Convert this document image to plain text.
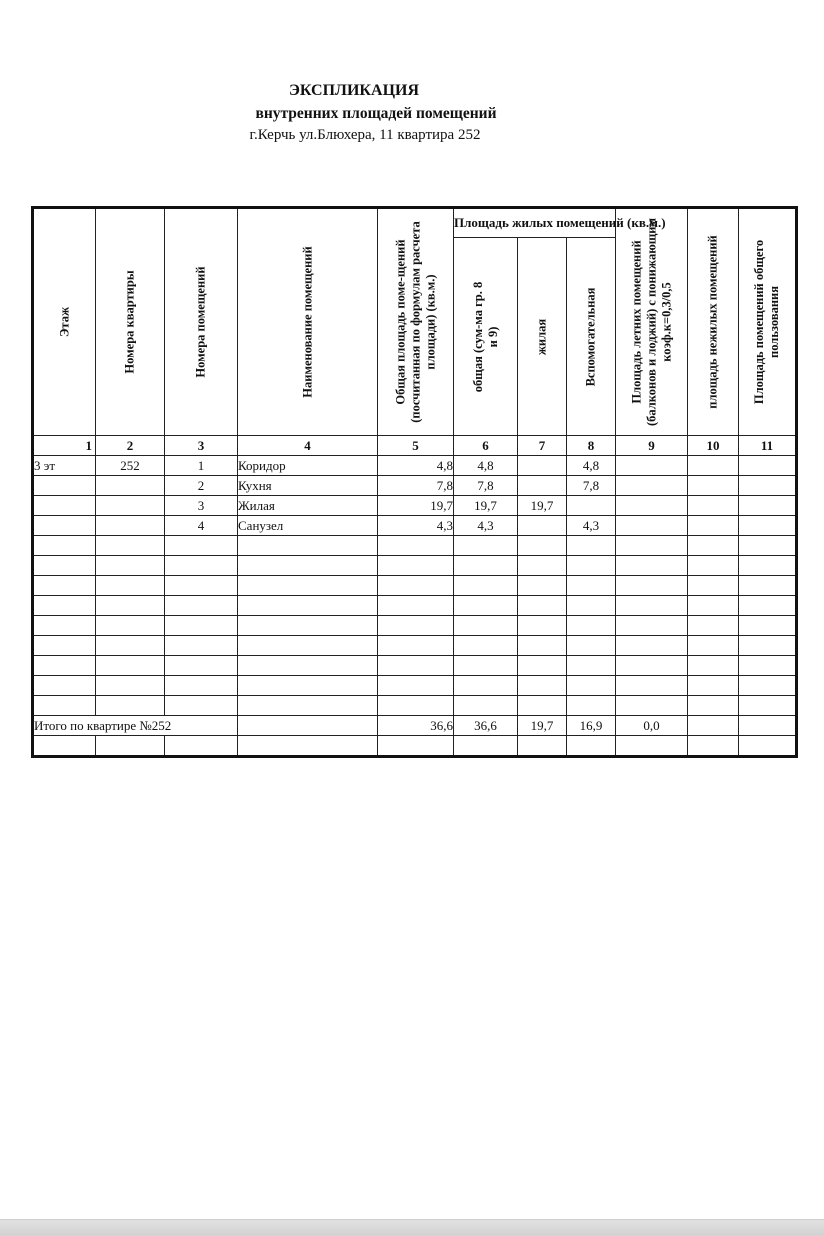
ЭКСПЛИКАЦИЯ
внутренних площадей помещений
г.Керчь ул.Блюхера, 11 квартира 252
Этаж	Номера квартиры	Номера помещений	Наименование помещений	Общая площадь поме-щений (посчитанная по формулам расчета площади) (кв.м.)	Площадь жилых помещений (кв.м.)			Площадь летних помещений (балконов и лоджий) с понижающим коэф.к=0,3/0,5	площадь нежилых помещений	Площадь помещений общего пользования

					общая (сум-ма гр. 8 и 9)	жилая	Вспомогательная			

1	2	3	4	5	6	7	8	9	10	11
3 эт	252	1	Коридор	4,8	4,8		4,8			
		2	Кухня	7,8	7,8		7,8			
		3	Жилая	19,7	19,7	19,7				
		4	Санузел	4,3	4,3		4,3			

Итого по квартире №252				36,6	36,6	19,7	16,9	0,0		
